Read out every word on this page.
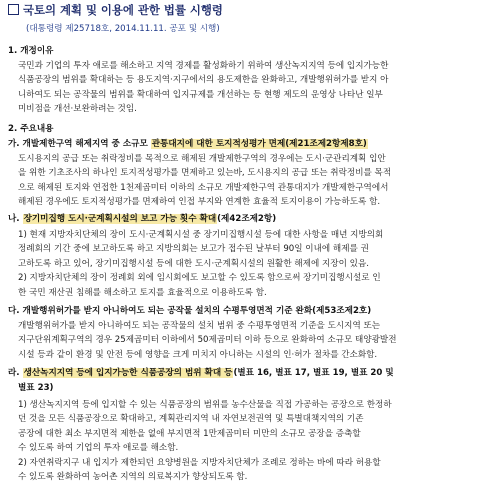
국토의 계획 및 이용에 관한 법률 시행령
(대통령령 제25718호, 2014.11.11. 공포 및 시행)
1. 개정이유
국민과 기업의 투자 애로를 해소하고 지역 경제를 활성화하기 위하여 생산녹지지역 등에 입지가능한
식품공장의 범위를 확대하는 등 용도지역·지구에서의 용도제한을 완화하고, 개발행위허가를 받지 아
니하여도 되는 공작물의 범위를 확대하여 입지규제를 개선하는 등 현행 제도의 운영상 나타난 일부
미비점을 개선·보완하려는 것임.
2. 주요내용
가. 개발제한구역 해제지역 중 소규모 관통대지에 대한 토지적성평가 면제(제21조제2항제8호)
도시용지의 공급 또는 취락정비를 목적으로 해제된 개발제한구역의 경우에는 도시·군관리계획 입안
을 위한 기초조사의 하나인 토지적성평가를 면제하고 있는바, 도시용지의 공급 또는 취락정비를 목적
으로 해제된 토지와 연접한 1천제곱미터 이하의 소규모 개발제한구역 관통대지가 개발제한구역에서
해제된 경우에도 토지적성평가를 면제하여 인접 부지와 연계한 효율적 토지이용이 가능하도록 함.
나. 장기미집행 도시·군계획시설의 보고 가능 횟수 확대(제42조제2항)
1) 현재 지방자치단체의 장이 도시·군계획시설 중 장기미집행시설 등에 대한 사항을 매년 지방의회
정례회의 기간 중에 보고하도록 하고 지방의회는 보고가 접수된 날부터 90일 이내에 해제를 권
고하도록 하고 있어, 장기미집행시설 등에 대한 도시·군계획시설의 원활한 해제에 지장이 있음.
2) 지방자치단체의 장이 정례회 외에 임시회에도 보고할 수 있도록 함으로써 장기미집행시설로 인
한 국민 재산권 침해를 해소하고 토지를 효율적으로 이용하도록 함.
다. 개발행위허가를 받지 아니하여도 되는 공작물 설치의 수평투영면적 기준 완화(제53조제2호)
개발행위허가를 받지 아니하여도 되는 공작물의 설치 범위 중 수평투영면적 기준을 도시지역 또는
지구단위계획구역의 경우 25제곱미터 이하에서 50제곱미터 이하 등으로 완화하여 소규모 태양광발전
시설 등과 같이 환경 및 안전 등에 영향을 크게 미치지 아니하는 시설의 인·허가 절차를 간소화함.
라. 생산녹지지역 등에 입지가능한 식품공장의 범위 확대 등(별표 16, 별표 17, 별표 19, 별표 20 및
별표 23)
1) 생산녹지지역 등에 입지할 수 있는 식품공장의 범위를 농수산물을 직접 가공하는 공장으로 한정하
던 것을 모든 식품공장으로 확대하고, 계획관리지역 내 자연보전권역 및 특별대책지역의 기존
공장에 대한 최소 부지면적 제한을 없애 부지면적 1만제곱미터 미만의 소규모 공장을 증축할
수 있도록 하여 기업의 투자 애로를 해소함.
2) 자연취락지구 내 입지가 제한되던 요양병원을 지방자치단체가 조례로 정하는 바에 따라 허용할
수 있도록 완화하여 농어촌 지역의 의료복지가 향상되도록 함.
